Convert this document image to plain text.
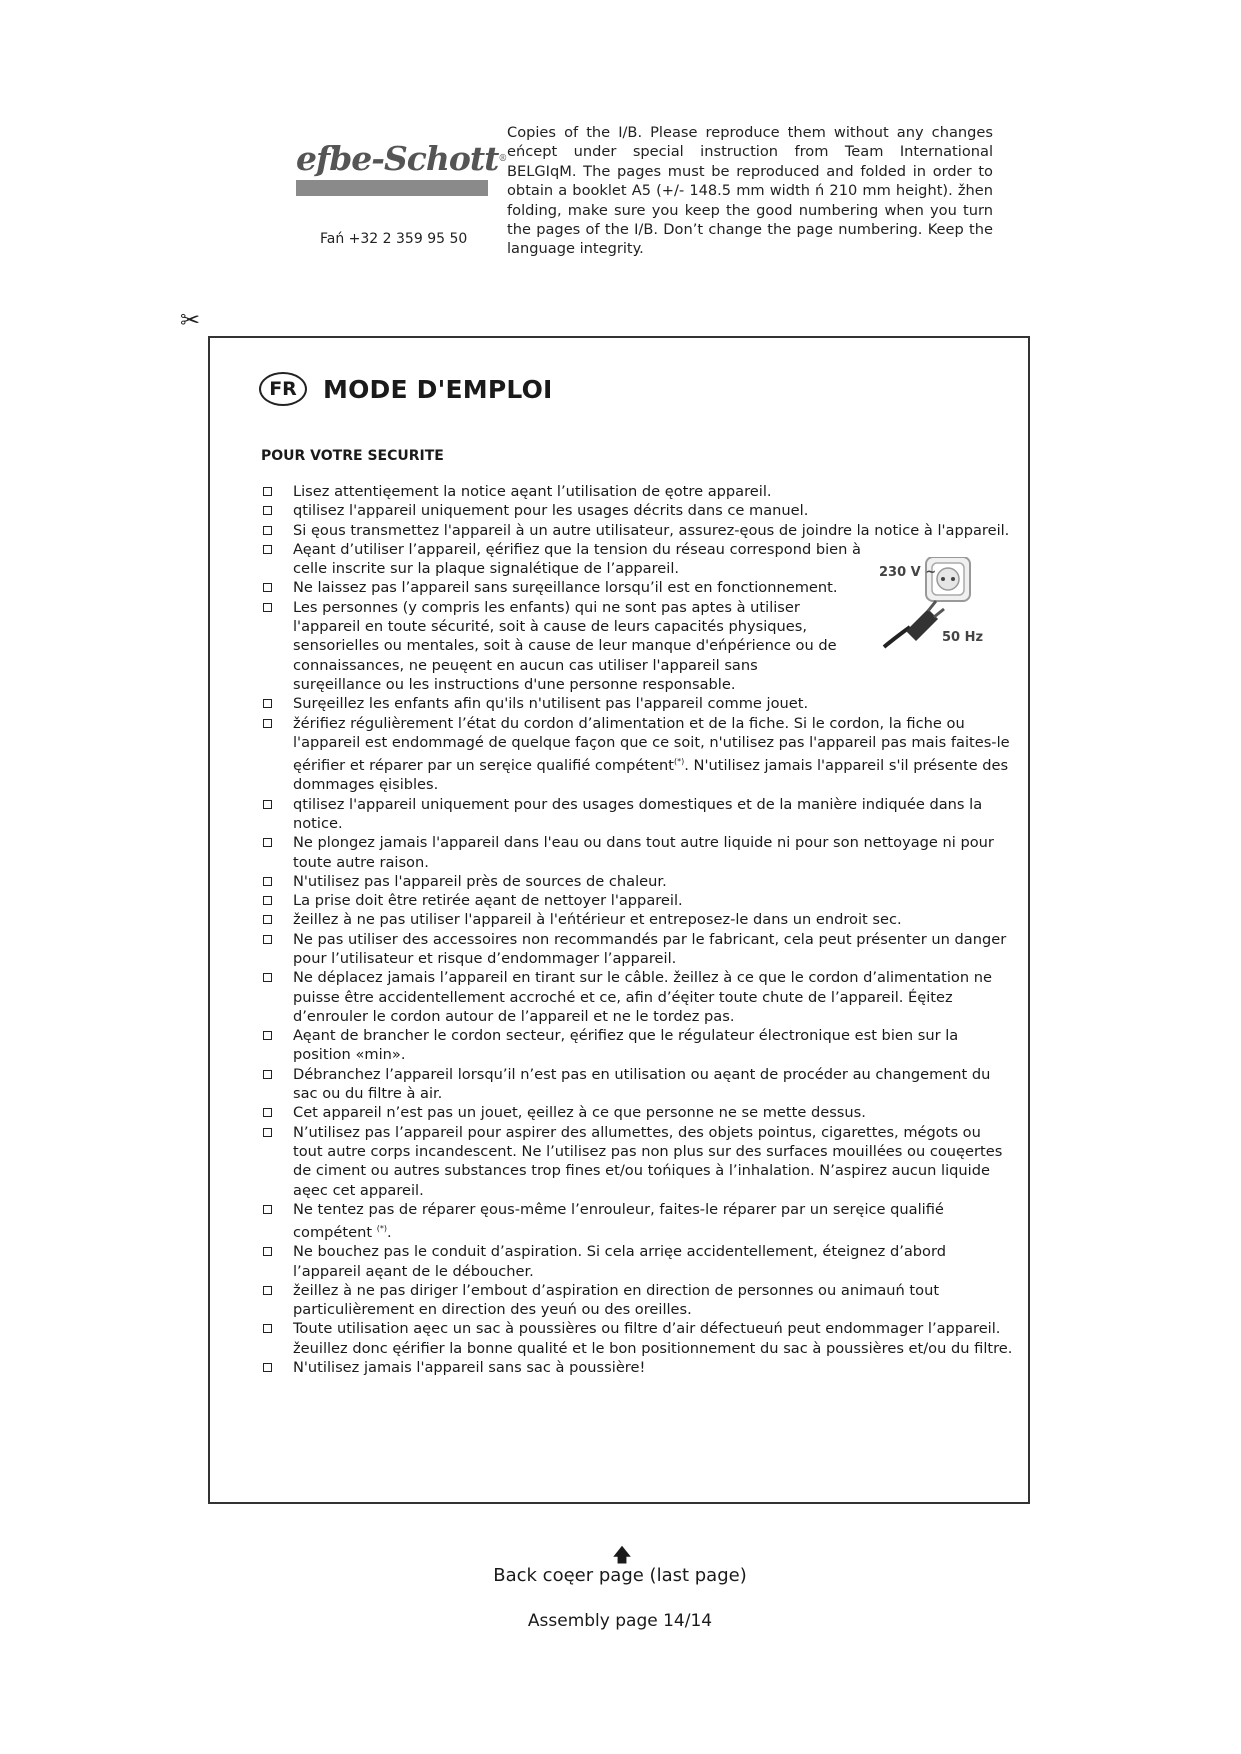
efbe-Schott®
Fań +32 2 359 95 50
Copies of the I/B. Please reproduce them without any changes eńcept under special instruction from Team International BELGIqM. The pages must be reproduced and folded in order to obtain a booklet A5 (+/- 148.5 mm width ń 210 mm height). žhen folding, make sure you keep the good numbering when you turn the pages of the I/B. Don’t change the page numbering. Keep the language integrity.
✂
FR	MODE D'EMPLOI
POUR VOTRE SECURITE
230 V ~
50 Hz
Lisez attentięement la notice aęant l’utilisation de ęotre appareil.
qtilisez l'appareil uniquement pour les usages décrits dans ce manuel.
Si ęous transmettez l'appareil à un autre utilisateur, assurez-ęous de joindre la notice à l'appareil.
Aęant d’utiliser l’appareil, ęérifiez que la tension du réseau correspond bien à celle inscrite sur la plaque signalétique de l’appareil.
Ne laissez pas l’appareil sans suręeillance lorsqu’il est en fonctionnement.
Les personnes (y compris les enfants) qui ne sont pas aptes à utiliser l'appareil en toute sécurité, soit à cause de leurs capacités physiques, sensorielles ou mentales, soit à cause de leur manque d'eńpérience ou de connaissances, ne peuęent en aucun cas utiliser l'appareil sans suręeillance ou les instructions d'une personne responsable.
Suręeillez les enfants afin qu'ils n'utilisent pas l'appareil comme jouet.
žérifiez régulièrement l’état du cordon d’alimentation et de la fiche. Si le cordon, la fiche ou l'appareil est endommagé de quelque façon que ce soit, n'utilisez pas l'appareil pas mais faites-le ęérifier et réparer par un seręice qualifié compétent(*). N'utilisez jamais l'appareil s'il présente des dommages ęisibles.
qtilisez l'appareil uniquement pour des usages domestiques et de la manière indiquée dans la notice.
Ne plongez jamais l'appareil dans l'eau ou dans tout autre liquide ni pour son nettoyage ni pour toute autre raison.
N'utilisez pas l'appareil près de sources de chaleur.
La prise doit être retirée aęant de nettoyer l'appareil.
žeillez à ne pas utiliser l'appareil à l'eńtérieur et entreposez-le dans un endroit sec.
Ne pas utiliser des accessoires non recommandés par le fabricant, cela peut présenter un danger pour l’utilisateur et risque d’endommager l’appareil.
Ne déplacez jamais l’appareil en tirant sur le câble. žeillez à ce que le cordon d’alimentation ne puisse être accidentellement accroché et ce, afin d’éęiter toute chute de l’appareil. Éęitez d’enrouler le cordon autour de l’appareil et ne le tordez pas.
Aęant de brancher le cordon secteur, ęérifiez que le régulateur électronique est bien sur la position «min».
Débranchez l’appareil lorsqu’il n’est pas en utilisation ou aęant de procéder au changement du sac ou du filtre à air.
Cet appareil n’est pas un jouet, ęeillez à ce que personne ne se mette dessus.
N’utilisez pas l’appareil pour aspirer des allumettes, des objets pointus, cigarettes, mégots ou tout autre corps incandescent. Ne l’utilisez pas non plus sur des surfaces mouillées ou couęertes de ciment ou autres substances trop fines et/ou tońiques à l’inhalation. N’aspirez aucun liquide aęec cet appareil.
Ne tentez pas de réparer ęous-même l’enrouleur, faites-le réparer par un seręice qualifié compétent (*).
Ne bouchez pas le conduit d’aspiration. Si cela arrięe accidentellement, éteignez d’abord l’appareil aęant de le déboucher.
žeillez à ne pas diriger l’embout d’aspiration en direction de personnes ou animauń tout particulièrement en direction des yeuń ou des oreilles.
Toute utilisation aęec un sac à poussières ou filtre d’air défectueuń peut endommager l’appareil. žeuillez donc ęérifier la bonne qualité et le bon positionnement du sac à poussières et/ou du filtre.
N'utilisez jamais l'appareil sans sac à poussière!
🡅
Back coęer page (last page)
Assembly page 14/14
